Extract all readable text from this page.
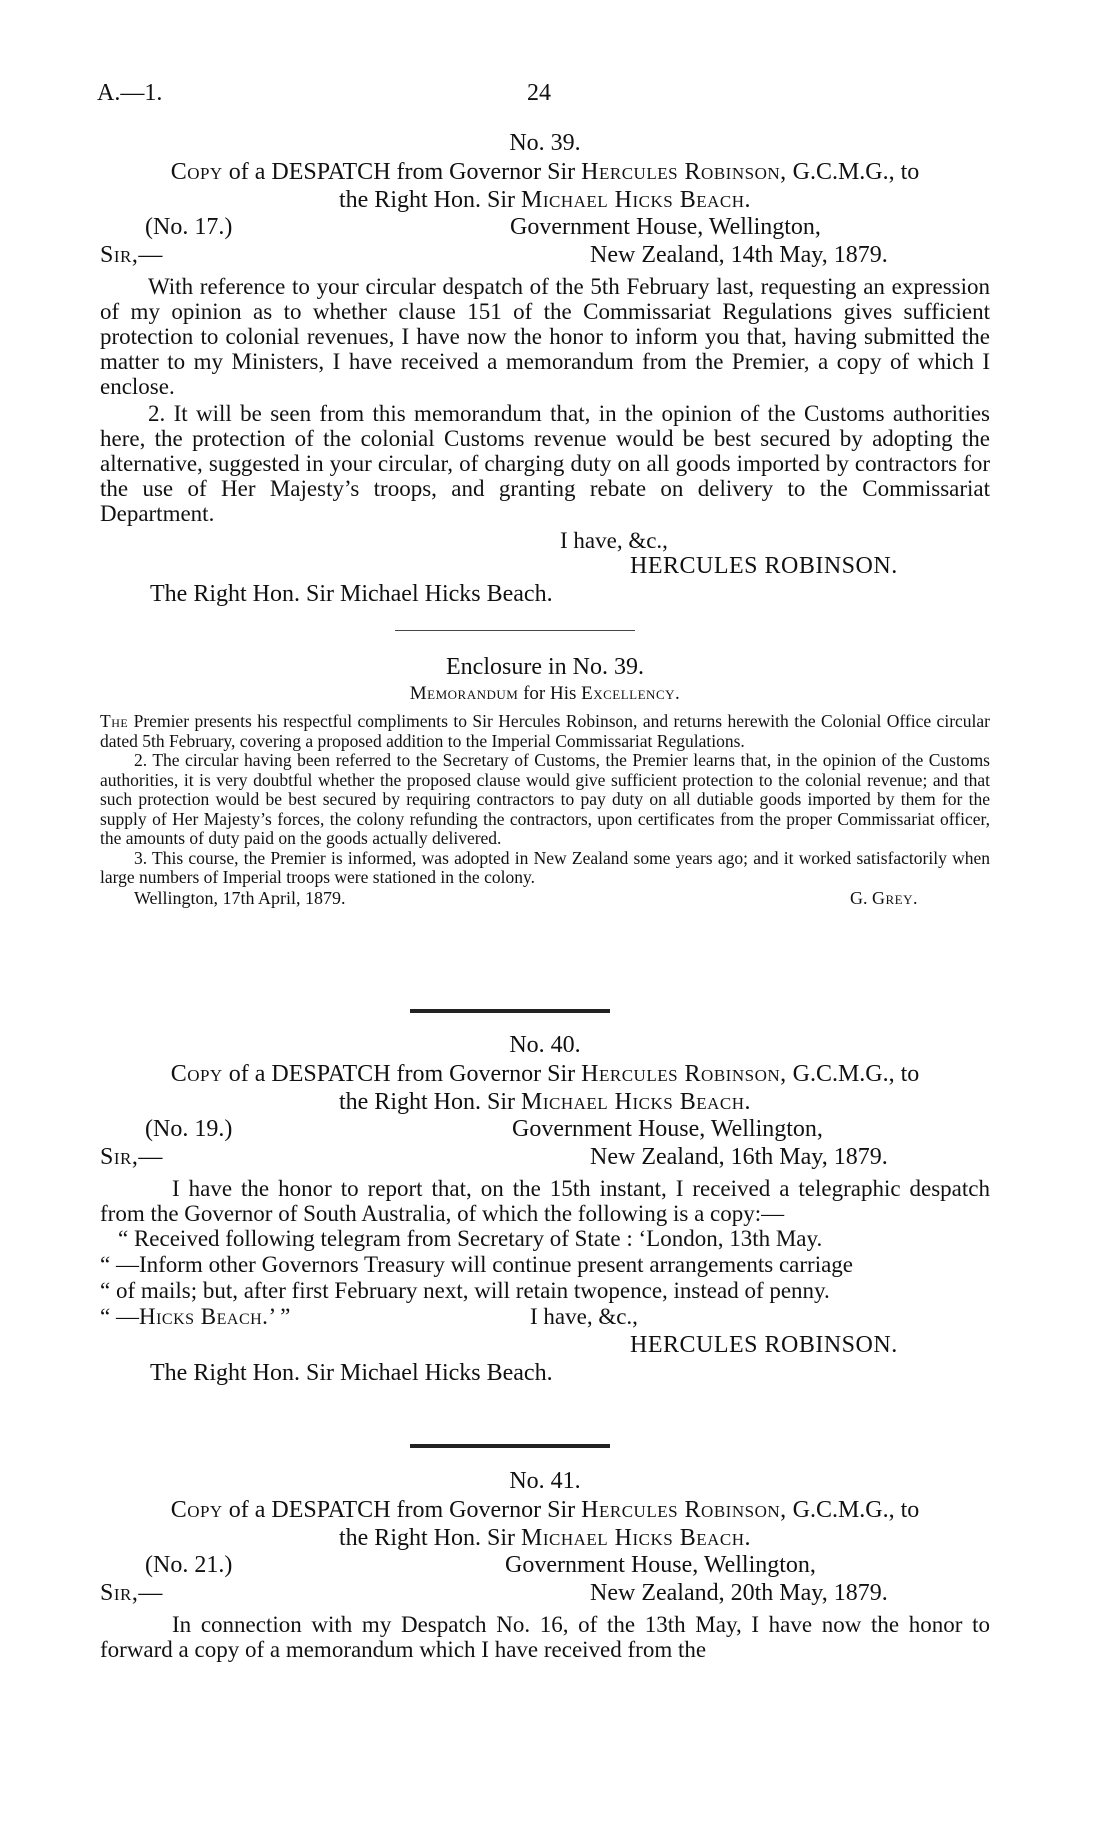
A.—1.	24
No. 39.
Copy of a DESPATCH from Governor Sir Hercules Robinson, G.C.M.G., to
the Right Hon. Sir Michael Hicks Beach.
(No. 17.)	Government House, Wellington,
Sir,—	New Zealand, 14th May, 1879.

With reference to your circular despatch of the 5th February last, requesting an expression of my opinion as to whether clause 151 of the Commissariat Regulations gives sufficient protection to colonial revenues, I have now the honor to inform you that, having submitted the matter to my Ministers, I have received a memorandum from the Premier, a copy of which I enclose.

2. It will be seen from this memorandum that, in the opinion of the Customs authorities here, the protection of the colonial Customs revenue would be best secured by adopting the alternative, suggested in your circular, of charging duty on all goods imported by contractors for the use of Her Majesty’s troops, and granting rebate on delivery to the Commissariat Department.

I have, &c.,
HERCULES ROBINSON.
The Right Hon. Sir Michael Hicks Beach.
Enclosure in No. 39.
Memorandum for His Excellency.

The Premier presents his respectful compliments to Sir Hercules Robinson, and returns herewith the Colonial Office circular dated 5th February, covering a proposed addition to the Imperial Commissariat Regulations.

2. The circular having been referred to the Secretary of Customs, the Premier learns that, in the opinion of the Customs authorities, it is very doubtful whether the proposed clause would give sufficient protection to the colonial revenue; and that such protection would be best secured by requiring contractors to pay duty on all dutiable goods imported by them for the supply of Her Majesty’s forces, the colony refunding the contractors, upon certificates from the proper Commissariat officer, the amounts of duty paid on the goods actually delivered.

3. This course, the Premier is informed, was adopted in New Zealand some years ago; and it worked satisfactorily when large numbers of Imperial troops were stationed in the colony.

Wellington, 17th April, 1879.	G. Grey.
No. 40.
Copy of a DESPATCH from Governor Sir Hercules Robinson, G.C.M.G., to
the Right Hon. Sir Michael Hicks Beach.
(No. 19.)	Government House, Wellington,
Sir,—	New Zealand, 16th May, 1879.

I have the honor to report that, on the 15th instant, I received a telegraphic despatch from the Governor of South Australia, of which the following is a copy:—

“ Received following telegram from Secretary of State : ‘London, 13th May.

“ —Inform other Governors Treasury will continue present arrangements carriage

“ of mails; but, after first February next, will retain twopence, instead of penny.

“ —Hicks Beach.’ ”	I have, &c.,
HERCULES ROBINSON.
The Right Hon. Sir Michael Hicks Beach.
No. 41.
Copy of a DESPATCH from Governor Sir Hercules Robinson, G.C.M.G., to
the Right Hon. Sir Michael Hicks Beach.
(No. 21.)	Government House, Wellington,
Sir,—	New Zealand, 20th May, 1879.

In connection with my Despatch No. 16, of the 13th May, I have now the honor to forward a copy of a memorandum which I have received from the
